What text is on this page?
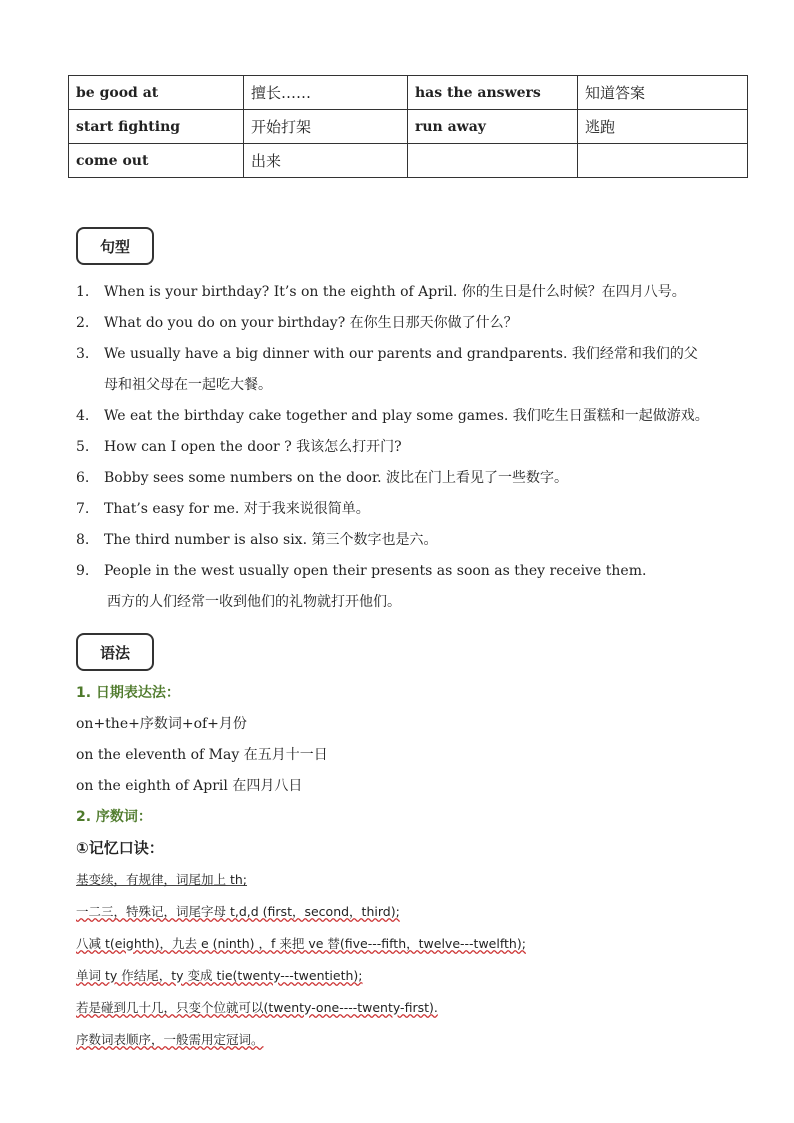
be good at	擅长……	has the answers	知道答案
start fighting	开始打架	run away	逃跑
come out	出来		
句型
1.	When is your birthday? It’s on the eighth of April. 你的生日是什么时候？在四月八号。
2.	What do you do on your birthday? 在你生日那天你做了什么？
3.	We usually have a big dinner with our parents and grandparents. 我们经常和我们的父
母和祖父母在一起吃大餐。
4.	We eat the birthday cake together and play some games. 我们吃生日蛋糕和一起做游戏。
5.	How can I open the door ? 我该怎么打开门?
6.	Bobby sees some numbers on the door. 波比在门上看见了一些数字。
7.	That’s easy for me. 对于我来说很简单。
8.	The third number is also six. 第三个数字也是六。
9.	People in the west usually open their presents as soon as they receive them.
西方的人们经常一收到他们的礼物就打开他们。
语法
1. 日期表达法：
on+the+序数词+of+月份
on the eleventh of May 在五月十一日
on the eighth of April 在四月八日
2. 序数词：
①记忆口诀：
基变续，有规律，词尾加上 th;
一二三，特殊记，词尾字母 t,d,d (first，second，third);
八减 t(eighth)，九去 e (ninth) ，f 来把 ve 替(five---fifth，twelve---twelfth);
单词 ty 作结尾，ty 变成 tie(twenty---twentieth);
若是碰到几十几，只变个位就可以(twenty-one----twenty-first).
序数词表顺序，一般需用定冠词。
